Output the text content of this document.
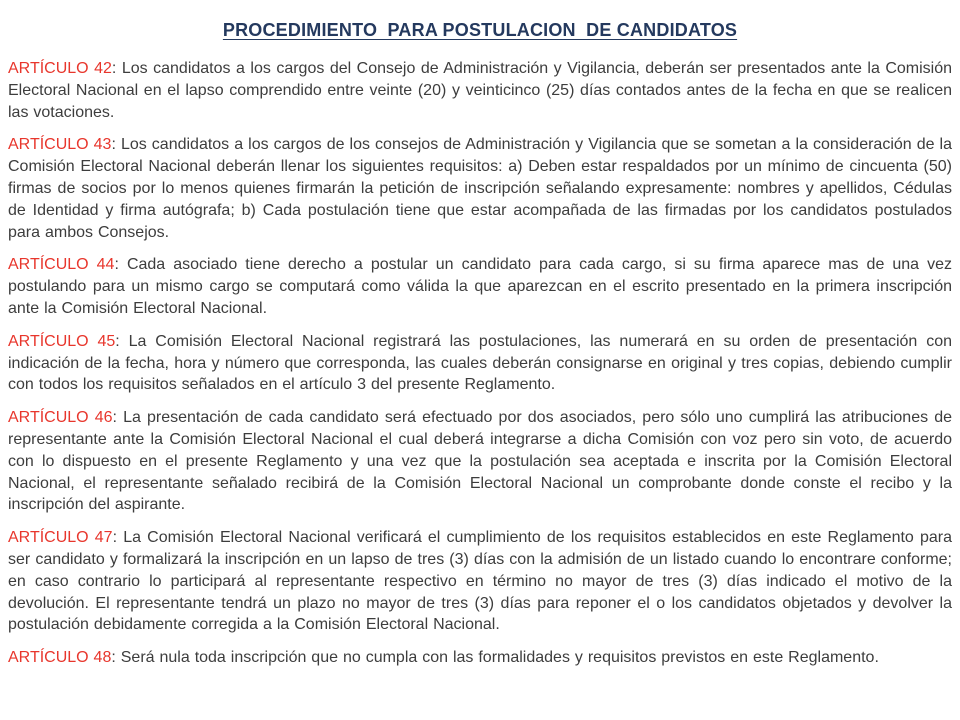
PROCEDIMIENTO  PARA POSTULACION  DE CANDIDATOS

ARTÍCULO 42: Los candidatos a los cargos del Consejo de Administración y Vigilancia, deberán ser presentados ante la Comisión Electoral Nacional en el lapso comprendido entre veinte (20) y veinticinco (25) días contados antes de la fecha en que se realicen las votaciones.

ARTÍCULO 43: Los candidatos a los cargos de los consejos de Administración y Vigilancia que se sometan a la consideración de la Comisión Electoral Nacional deberán llenar los siguientes requisitos: a) Deben estar respaldados por un mínimo de cincuenta (50) firmas de socios por lo menos quienes firmarán la petición de inscripción señalando expresamente: nombres y apellidos, Cédulas de Identidad y firma autógrafa; b) Cada postulación tiene que estar acompañada de las firmadas por los candidatos postulados para ambos Consejos.

ARTÍCULO 44: Cada asociado tiene derecho a postular un candidato para cada cargo, si su firma aparece mas de una vez postulando para un mismo cargo se computará como válida la que aparezcan en el escrito presentado en la primera inscripción ante la Comisión Electoral Nacional.

ARTÍCULO 45: La Comisión Electoral Nacional registrará las postulaciones, las numerará en su orden de presentación con indicación de la fecha, hora y número que corresponda, las cuales deberán consignarse en original y tres copias, debiendo cumplir con todos los requisitos señalados en el artículo 3 del presente Reglamento.

ARTÍCULO 46: La presentación de cada candidato será efectuado por dos asociados, pero sólo uno cumplirá las atribuciones de representante ante la Comisión Electoral Nacional el cual deberá integrarse a dicha Comisión con voz pero sin voto, de acuerdo con lo dispuesto en el presente Reglamento y una vez que la postulación sea aceptada e inscrita por la Comisión Electoral Nacional, el representante señalado recibirá de la Comisión Electoral Nacional un comprobante donde conste el recibo y la inscripción del aspirante.

ARTÍCULO 47: La Comisión Electoral Nacional verificará el cumplimiento de los requisitos establecidos en este Reglamento para ser candidato y formalizará la inscripción en un lapso de tres (3) días con la admisión de un listado cuando lo encontrare conforme; en caso contrario lo participará al representante respectivo en término no mayor de tres (3) días indicado el motivo de la devolución. El representante tendrá un plazo no mayor de tres (3) días para reponer el o los candidatos objetados y devolver la postulación debidamente corregida a la Comisión Electoral Nacional.

ARTÍCULO 48: Será nula toda inscripción que no cumpla con las formalidades y requisitos previstos en este Reglamento.
